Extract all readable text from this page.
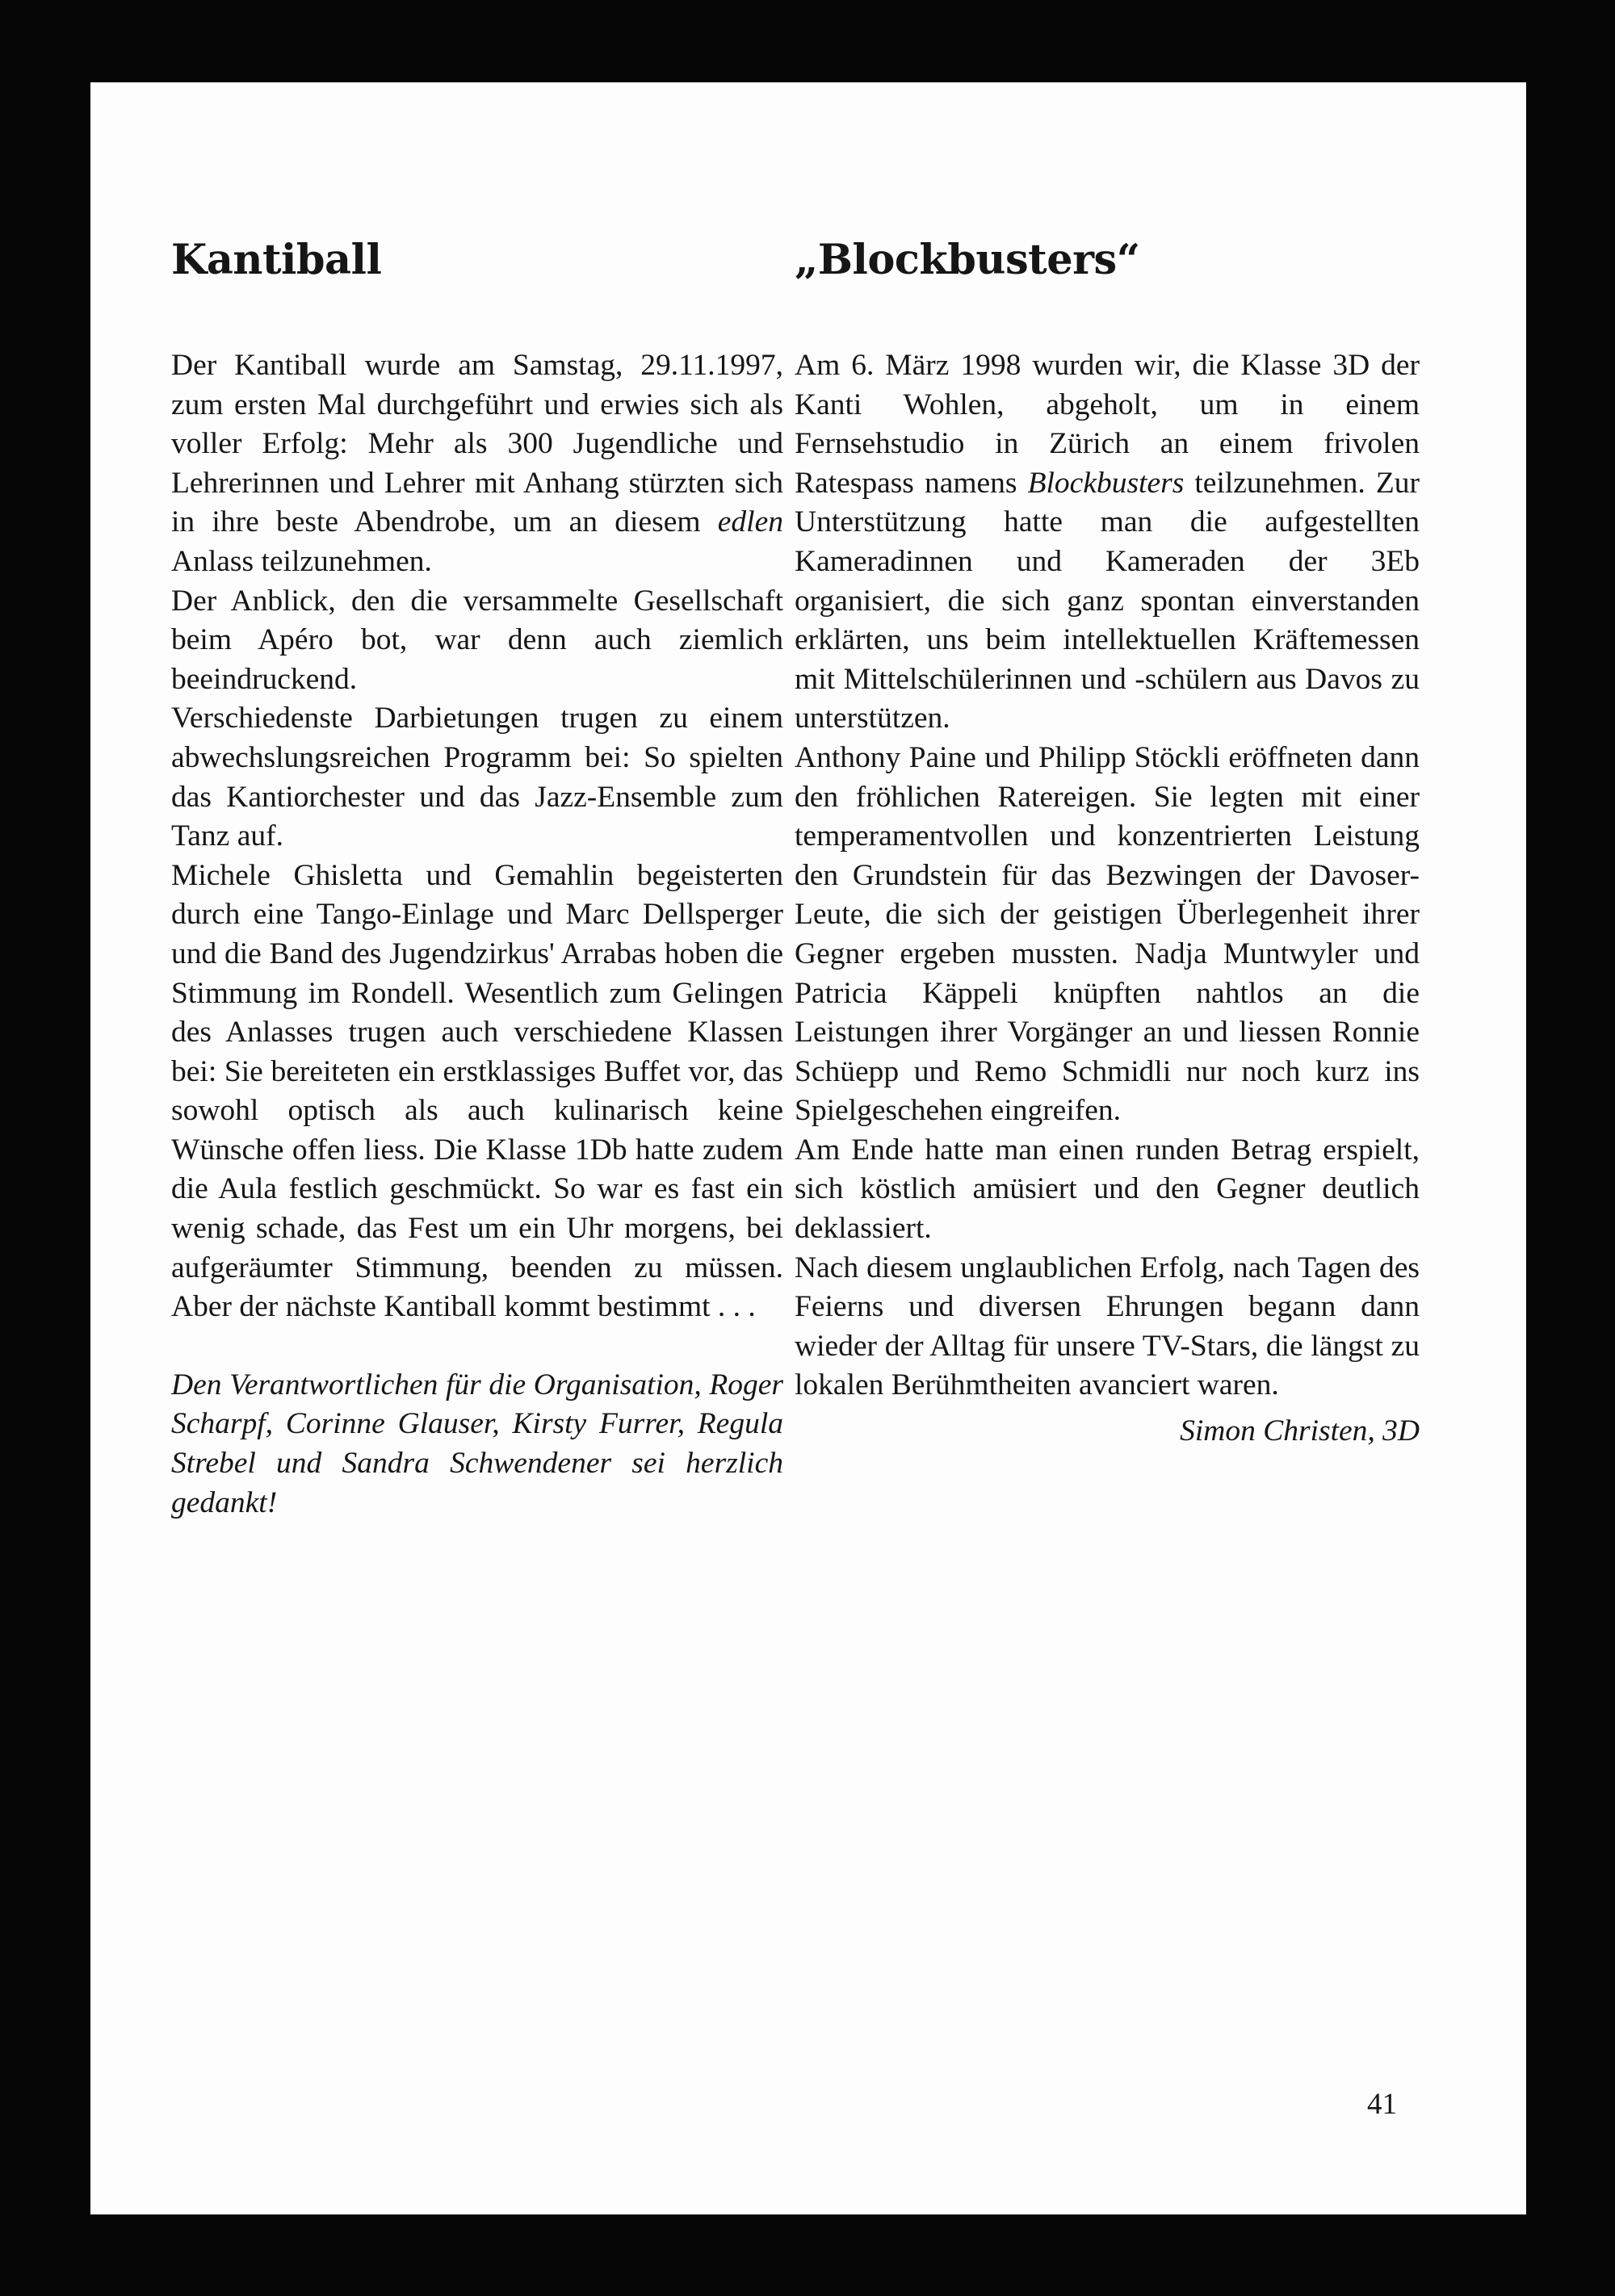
Kantiball

Der Kantiball wurde am Samstag, 29.11.1997, zum ersten Mal durchgeführt und erwies sich als voller Erfolg: Mehr als 300 Jugendliche und Lehrerinnen und Lehrer mit Anhang stürzten sich in ihre beste Abendrobe, um an diesem edlen Anlass teilzunehmen.

Der Anblick, den die versammelte Gesellschaft beim Apéro bot, war denn auch ziemlich beeindruckend.

Verschiedenste Darbietungen trugen zu einem abwechslungsreichen Programm bei: So spielten das Kantiorchester und das Jazz-Ensemble zum Tanz auf.

Michele Ghisletta und Gemahlin begeisterten durch eine Tango-Einlage und Marc Dellsperger und die Band des Jugendzirkus' Arrabas hoben die Stimmung im Rondell. Wesentlich zum Gelingen des Anlasses trugen auch verschiedene Klassen bei: Sie bereiteten ein erstklassiges Buffet vor, das sowohl optisch als auch kulinarisch keine Wünsche offen liess. Die Klasse 1Db hatte zudem die Aula festlich geschmückt. So war es fast ein wenig schade, das Fest um ein Uhr morgens, bei aufgeräumter Stimmung, beenden zu müssen. Aber der nächste Kantiball kommt bestimmt . . .

Den Verantwortlichen für die Organisation, Roger Scharpf, Corinne Glauser, Kirsty Furrer, Regula Strebel und Sandra Schwendener sei herzlich gedankt!

„Blockbusters“

Am 6. März 1998 wurden wir, die Klasse 3D der Kanti Wohlen, abgeholt, um in einem Fernsehstudio in Zürich an einem frivolen Ratespass namens Blockbusters teilzunehmen. Zur Unterstützung hatte man die aufgestellten Kameradinnen und Kameraden der 3Eb organisiert, die sich ganz spontan einverstanden erklärten, uns beim intellektuellen Kräftemessen mit Mittelschülerinnen und -schülern aus Davos zu unterstützen.

Anthony Paine und Philipp Stöckli eröffneten dann den fröhlichen Ratereigen. Sie legten mit einer temperamentvollen und konzentrierten Leistung den Grundstein für das Bezwingen der Davoser-Leute, die sich der geistigen Überlegenheit ihrer Gegner ergeben mussten. Nadja Muntwyler und Patricia Käppeli knüpften nahtlos an die Leistungen ihrer Vorgänger an und liessen Ronnie Schüepp und Remo Schmidli nur noch kurz ins Spielgeschehen eingreifen.

Am Ende hatte man einen runden Betrag erspielt, sich köstlich amüsiert und den Gegner deutlich deklassiert.

Nach diesem unglaublichen Erfolg, nach Tagen des Feierns und diversen Ehrungen begann dann wieder der Alltag für unsere TV-Stars, die längst zu lokalen Berühmtheiten avanciert waren.

Simon Christen, 3D

41
